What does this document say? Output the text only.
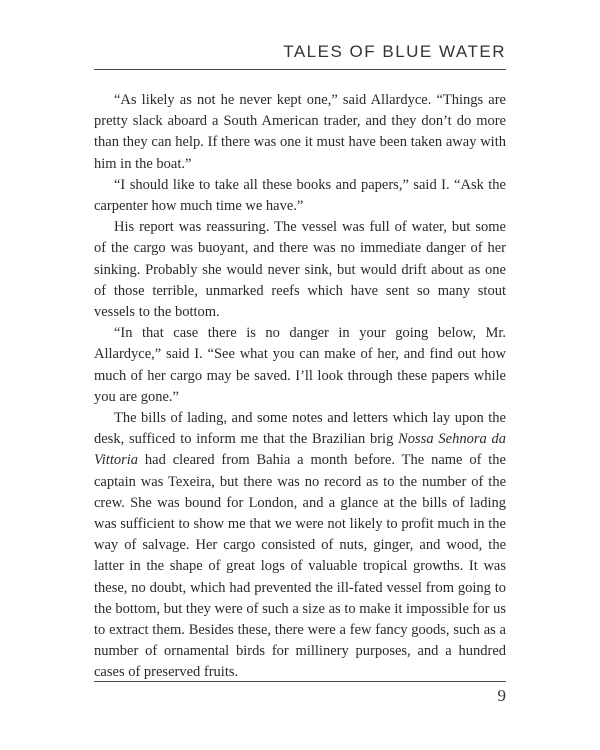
TALES OF BLUE WATER

“As likely as not he never kept one,” said Allardyce. “Things are pretty slack aboard a South American trader, and they don’t do more than they can help. If there was one it must have been taken away with him in the boat.”

“I should like to take all these books and papers,” said I. “Ask the carpenter how much time we have.”

His report was reassuring. The vessel was full of water, but some of the cargo was buoyant, and there was no immediate danger of her sinking. Probably she would never sink, but would drift about as one of those terrible, unmarked reefs which have sent so many stout vessels to the bottom.

“In that case there is no danger in your going below, Mr. Allardyce,” said I. “See what you can make of her, and find out how much of her cargo may be saved. I’ll look through these papers while you are gone.”

The bills of lading, and some notes and letters which lay upon the desk, sufficed to inform me that the Brazilian brig Nossa Sehnora da Vittoria had cleared from Bahia a month before. The name of the captain was Texeira, but there was no record as to the number of the crew. She was bound for London, and a glance at the bills of lading was sufficient to show me that we were not likely to profit much in the way of salvage. Her cargo consisted of nuts, ginger, and wood, the latter in the shape of great logs of valuable tropical growths. It was these, no doubt, which had prevented the ill-fated vessel from going to the bottom, but they were of such a size as to make it impossible for us to extract them. Besides these, there were a few fancy goods, such as a number of ornamental birds for millinery purposes, and a hundred cases of preserved fruits.

9
